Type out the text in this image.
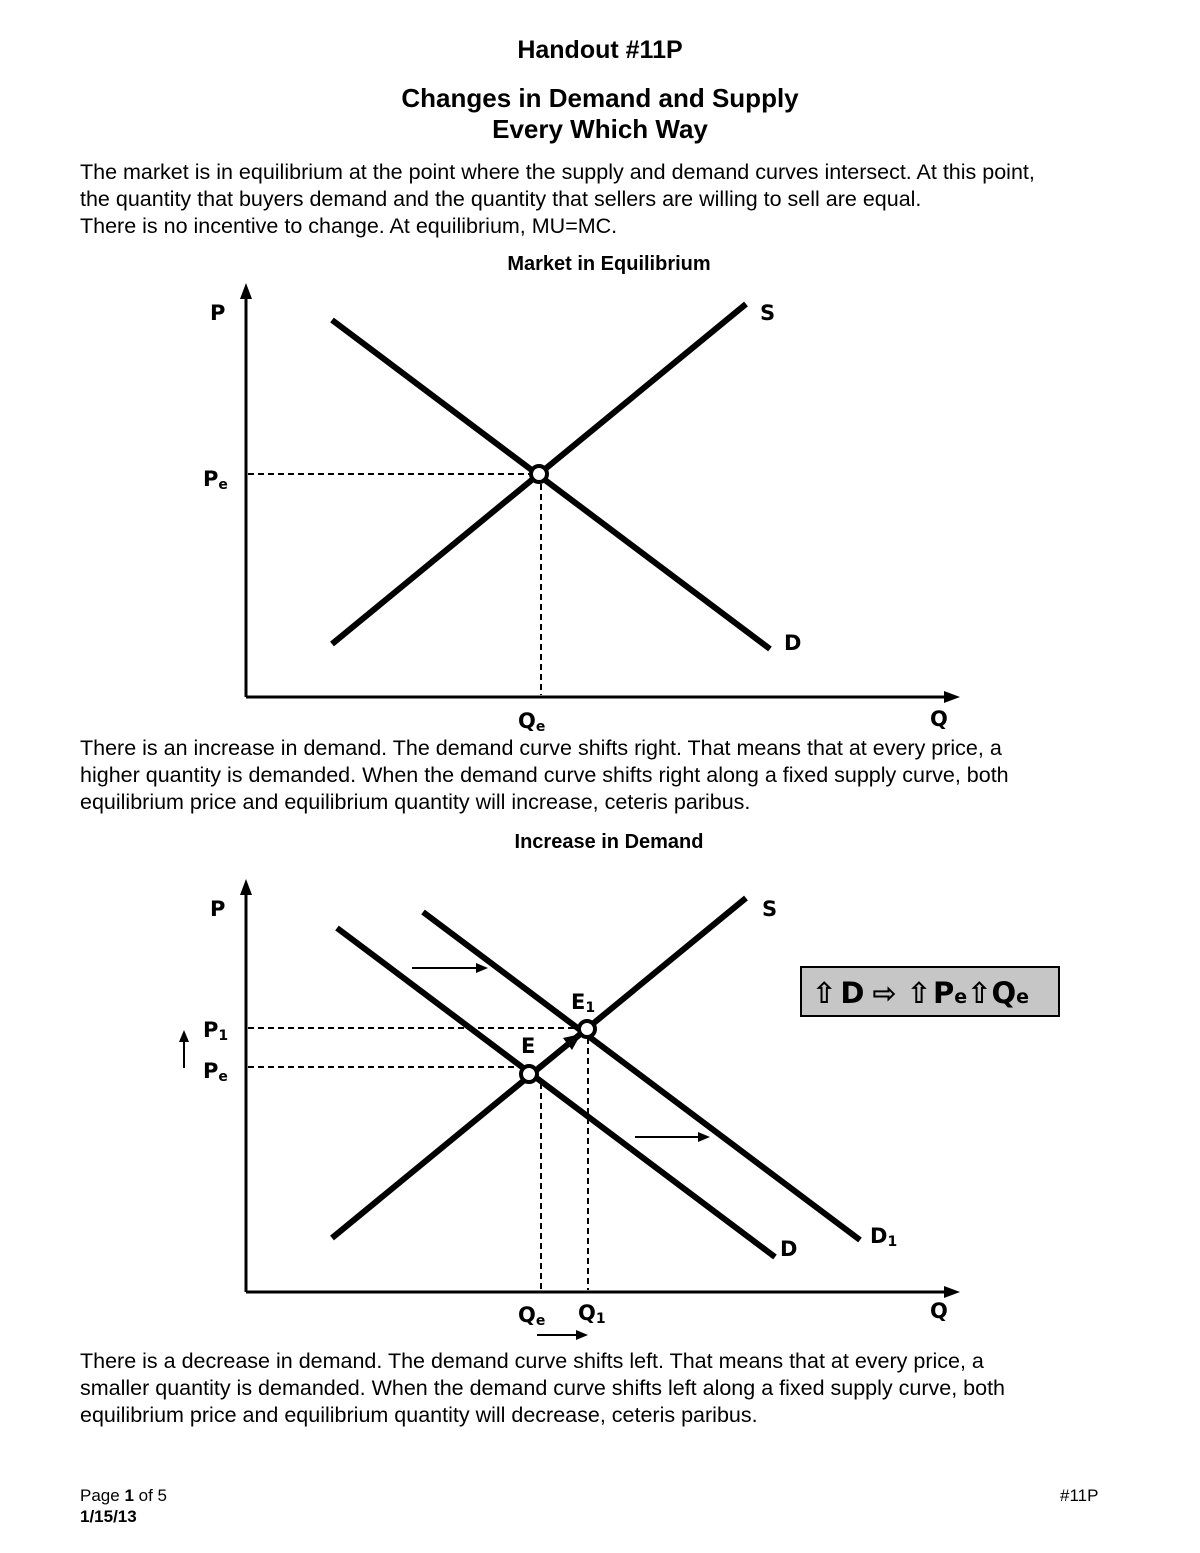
Handout #11P
Changes in Demand and Supply
Every Which Way
The market is in equilibrium at the point where the supply and demand curves intersect. At this point,
the quantity that buyers demand and the quantity that sellers are willing to sell are equal.
There is no incentive to change. At equilibrium, MU=MC.
Market in Equilibrium
P	S
D
Q
Pe
Qe
There is an increase in demand. The demand curve shifts right. That means that at every price, a
higher quantity is demanded. When the demand curve shifts right along a fixed supply curve, both
equilibrium price and equilibrium quantity will increase, ceteris paribus.
Increase in Demand
P	S
D
D1
Q
P1
Pe
E
E1
Qe Q1
⇧ D ⇨ ⇧Pe⇧Qe
There is a decrease in demand. The demand curve shifts left. That means that at every price, a
smaller quantity is demanded. When the demand curve shifts left along a fixed supply curve, both
equilibrium price and equilibrium quantity will decrease, ceteris paribus.
Page 1 of 5
1/15/13
#11P
